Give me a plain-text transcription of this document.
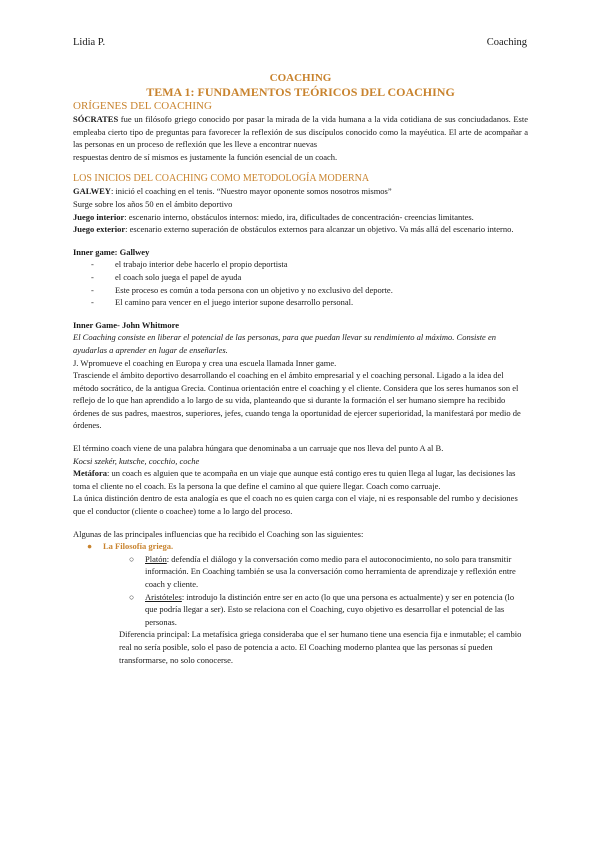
Lidia P.	Coaching
COACHING
TEMA 1: FUNDAMENTOS TEÓRICOS DEL COACHING
ORÍGENES DEL COACHING

SÓCRATES fue un filósofo griego conocido por pasar la mirada de la vida humana a la vida cotidiana de sus conciudadanos. Este empleaba cierto tipo de preguntas para favorecer la reflexión de sus discípulos conocido como la mayéutica. El arte de acompañar a las personas en un proceso de reflexión que les lleve a encontrar nuevas

respuestas dentro de sí mismos es justamente la función esencial de un coach.

LOS INICIOS DEL COACHING COMO METODOLOGÍA MODERNA

GALWEY: inició el coaching en el tenis. “Nuestro mayor oponente somos nosotros mismos”

Surge sobre los años 50 en el ámbito deportivo

Juego interior: escenario interno, obstáculos internos: miedo, ira, dificultades de concentración- creencias limitantes.

Juego exterior: escenario externo superación de obstáculos externos para alcanzar un objetivo. Va más allá del escenario interno.

Inner game: Gallwey

- el trabajo interior debe hacerlo el propio deportista
- el coach solo juega el papel de ayuda
- Este proceso es común a toda persona con un objetivo y no exclusivo del deporte.
- El camino para vencer en el juego interior supone desarrollo personal.

Inner Game- John Whitmore

El Coaching consiste en liberar el potencial de las personas, para que puedan llevar su rendimiento al máximo. Consiste en ayudarlas a aprender en lugar de enseñarles.

J. Wpromueve el coaching en Europa y crea una escuela llamada Inner game.

Trasciende el ámbito deportivo desarrollando el coaching en el ámbito empresarial y el coaching personal. Ligado a la idea del método socrático, de la antigua Grecia. Continua orientación entre el coaching y el cliente. Considera que los seres humanos son el reflejo de lo que han aprendido a lo largo de su vida, planteando que si durante la formación el ser humano siempre ha recibido órdenes de sus padres, maestros, superiores, jefes, cuando tenga la oportunidad de ejercer superioridad, la manifestará por medio de órdenes.

El término coach viene de una palabra húngara que denominaba a un carruaje que nos lleva del punto A al B.

Kocsi szekér, kutsche, cocchio, coche

Metáfora: un coach es alguien que te acompaña en un viaje que aunque está contigo eres tu quien llega al lugar, las decisiones las toma el cliente no el coach. Es la persona la que define el camino al que quiere llegar. Coach como carruaje.

La única distinción dentro de esta analogía es que el coach no es quien carga con el viaje, ni es responsable del rumbo y decisiones que el conductor (cliente o coachee) tome a lo largo del proceso.

Algunas de las principales influencias que ha recibido el Coaching son las siguientes:

● La Filosofía griega.
○ Platón: defendía el diálogo y la conversación como medio para el autoconocimiento, no solo para transmitir información. En Coaching también se usa la conversación como herramienta de aprendizaje y reflexión entre coach y cliente.
○ Aristóteles: introdujo la distinción entre ser en acto (lo que una persona es actualmente) y ser en potencia (lo que podría llegar a ser). Esto se relaciona con el Coaching, cuyo objetivo es desarrollar el potencial de las personas.

Diferencia principal: La metafísica griega consideraba que el ser humano tiene una esencia fija e inmutable; el cambio real no sería posible, solo el paso de potencia a acto. El Coaching moderno plantea que las personas sí pueden transformarse, no solo conocerse.
